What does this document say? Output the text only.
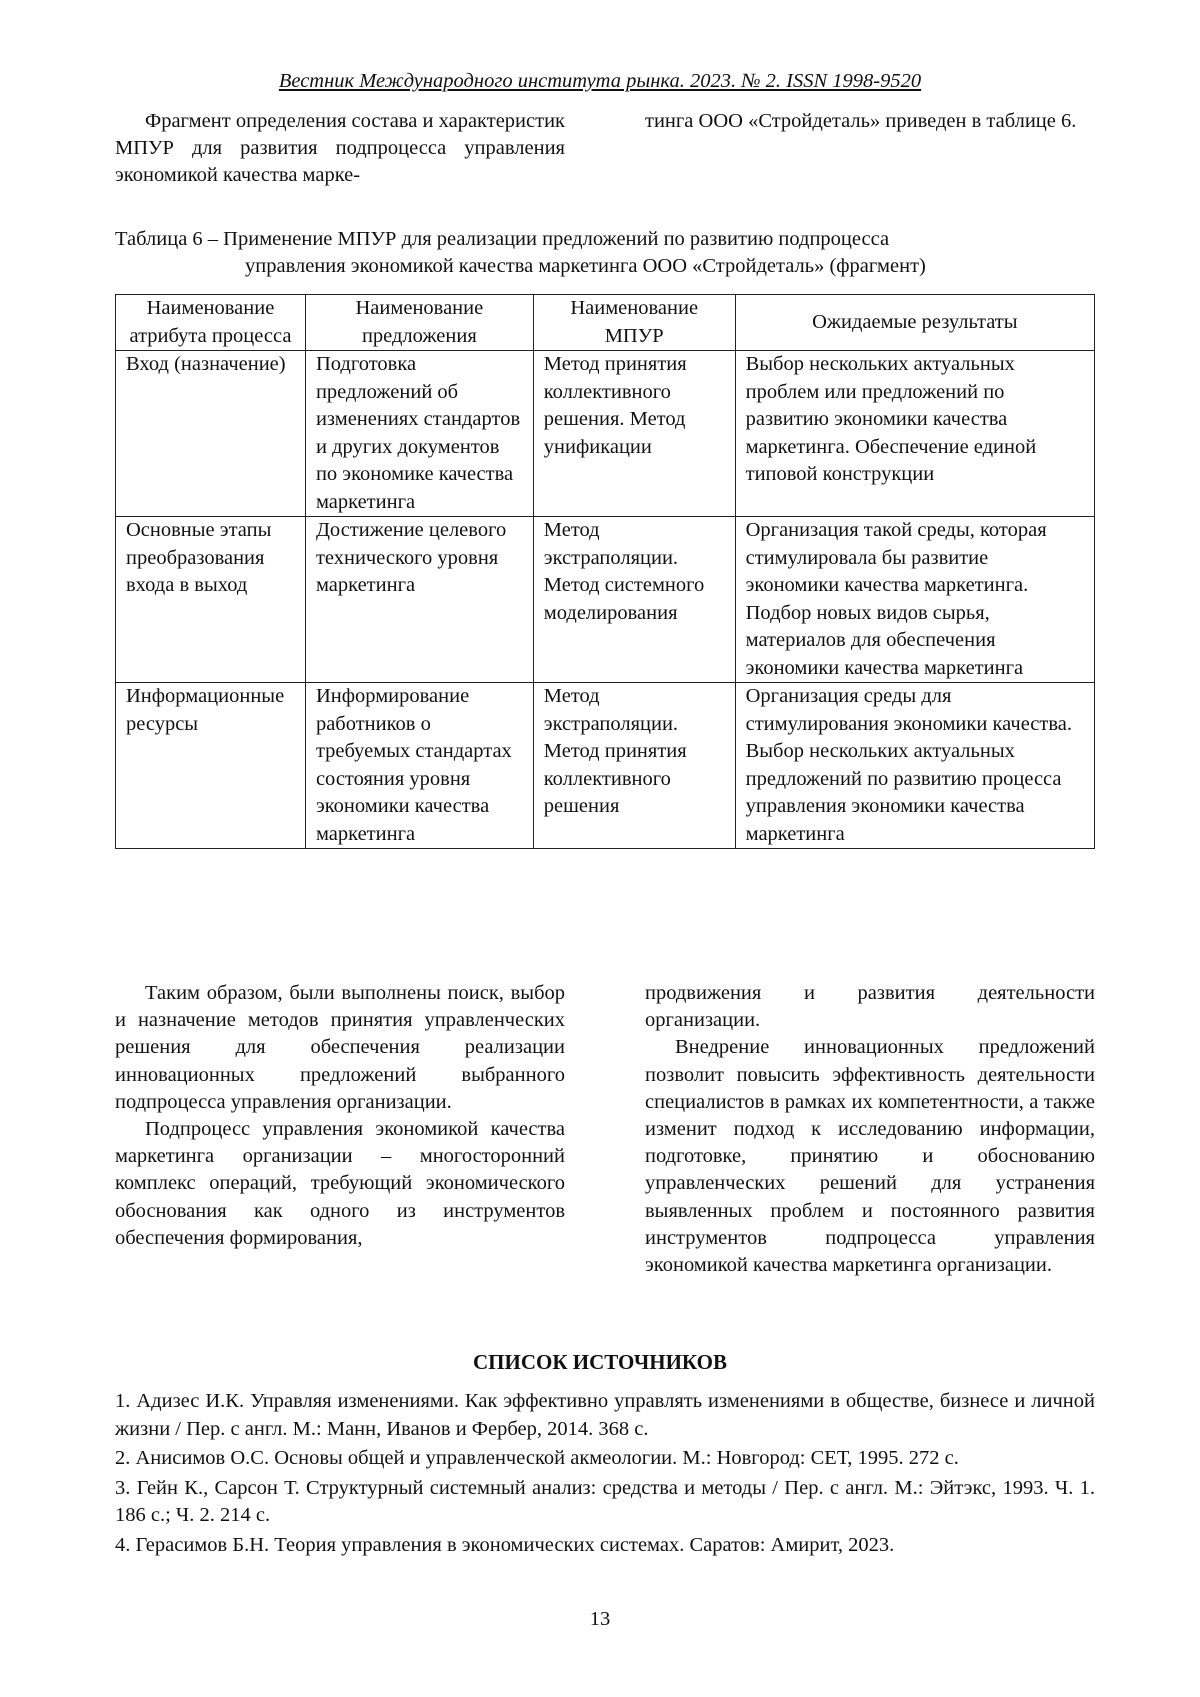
Вестник Международного института рынка. 2023. № 2. ISSN 1998-9520

Фрагмент определения состава и характеристик МПУР для развития подпроцесса управления экономикой качества марке-

тинга ООО «Стройдеталь» приведен в таблице 6.

Таблица 6 – Применение МПУР для реализации предложений по развитию подпроцесса
управления экономикой качества маркетинга ООО «Стройдеталь» (фрагмент)
Наименование атрибута процесса	Наименование предложения	Наименование МПУР	Ожидаемые результаты
Вход (назначение)	Подготовка предложений об изменениях стандартов и других документов по экономике качества маркетинга	Метод принятия коллективного решения. Метод унификации	Выбор нескольких актуальных проблем или предложений по развитию экономики качества маркетинга. Обеспечение единой типовой конструкции
Основные этапы преобразования входа в выход	Достижение целевого технического уровня маркетинга	Метод экстраполяции. Метод системного моделирования	Организация такой среды, которая стимулировала бы развитие экономики качества маркетинга. Подбор новых видов сырья, материалов для обеспечения экономики качества маркетинга
Информационные ресурсы	Информирование работников о требуемых стандартах состояния уровня экономики качества маркетинга	Метод экстраполяции. Метод принятия коллективного решения	Организация среды для стимулирования экономики качества. Выбор нескольких актуальных предложений по развитию процесса управления экономики качества маркетинга

Таким образом, были выполнены поиск, выбор и назначение методов принятия управленческих решения для обеспечения реализации инновационных предложений выбранного подпроцесса управления организации.

Подпроцесс управления экономикой качества маркетинга организации – многосторонний комплекс операций, требующий экономического обоснования как одного из инструментов обеспечения формирования,

продвижения и развития деятельности организации.

Внедрение инновационных предложений позволит повысить эффективность деятельности специалистов в рамках их компетентности, а также изменит подход к исследованию информации, подготовке, принятию и обоснованию управленческих решений для устранения выявленных проблем и постоянного развития инструментов подпроцесса управления экономикой качества маркетинга организации.

СПИСОК ИСТОЧНИКОВ

1. Адизес И.К. Управляя изменениями. Как эффективно управлять изменениями в обществе, бизнесе и личной жизни / Пер. с англ. М.: Манн, Иванов и Фербер, 2014. 368 с.

2. Анисимов О.С. Основы общей и управленческой акмеологии. М.: Новгород: СЕТ, 1995. 272 с.

3. Гейн К., Сарсон Т. Структурный системный анализ: средства и методы / Пер. с англ. М.: Эйтэкс, 1993. Ч. 1. 186 с.; Ч. 2. 214 с.

4. Герасимов Б.Н. Теория управления в экономических системах. Саратов: Амирит, 2023.

13
